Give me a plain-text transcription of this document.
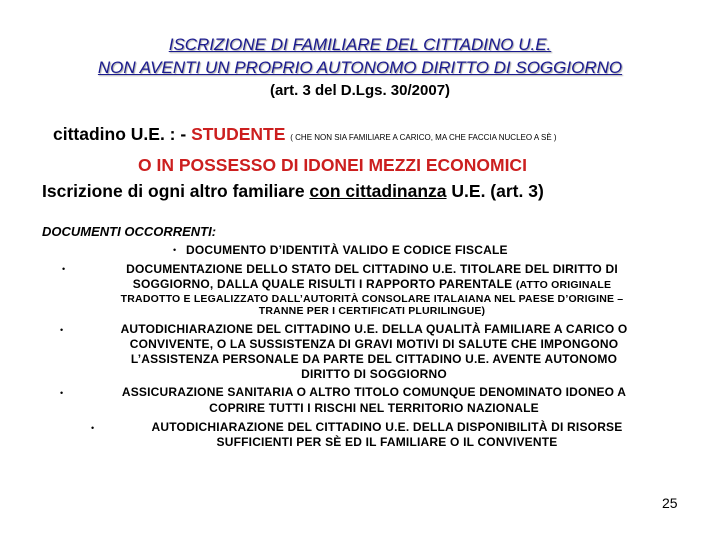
ISCRIZIONE DI FAMILIARE DEL CITTADINO U.E.
NON AVENTI UN PROPRIO AUTONOMO DIRITTO DI SOGGIORNO
(art. 3 del D.Lgs. 30/2007)
cittadino U.E. : - STUDENTE ( CHE NON SIA FAMILIARE A CARICO, MA CHE FACCIA NUCLEO A SÈ )
O IN POSSESSO DI IDONEI MEZZI ECONOMICI
Iscrizione di ogni altro familiare con cittadinanza U.E. (art. 3)
DOCUMENTI OCCORRENTI:
• DOCUMENTO D’IDENTITÀ VALIDO E CODICE FISCALE
•	DOCUMENTAZIONE DELLO STATO DEL CITTADINO U.E. TITOLARE DEL DIRITTO DI
SOGGIORNO, DALLA QUALE RISULTI I RAPPORTO PARENTALE (ATTO ORIGINALE
TRADOTTO E LEGALIZZATO DALL’AUTORITÀ CONSOLARE ITALAIANA NEL PAESE D’ORIGINE –
TRANNE PER I CERTIFICATI PLURILINGUE)
•	AUTODICHIARAZIONE DEL CITTADINO U.E. DELLA QUALITÀ FAMILIARE A CARICO O
CONVIVENTE, O LA SUSSISTENZA DI GRAVI MOTIVI DI SALUTE CHE IMPONGONO
L’ASSISTENZA PERSONALE DA PARTE DEL CITTADINO U.E. AVENTE AUTONOMO
DIRITTO DI SOGGIORNO
•	ASSICURAZIONE SANITARIA O ALTRO TITOLO COMUNQUE DENOMINATO IDONEO A
COPRIRE TUTTI I RISCHI NEL TERRITORIO NAZIONALE
•	AUTODICHIARAZIONE DEL CITTADINO U.E. DELLA DISPONIBILITÀ DI RISORSE
SUFFICIENTI PER SÈ ED IL FAMILIARE O IL CONVIVENTE
25
